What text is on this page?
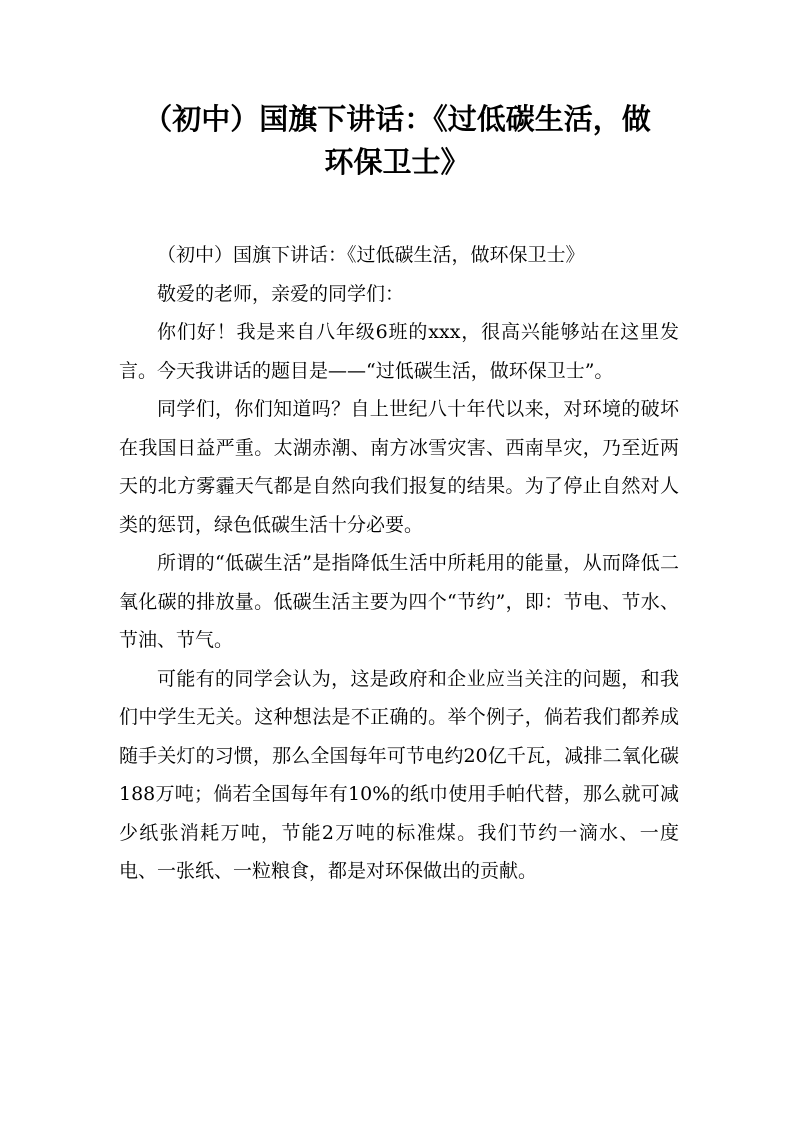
（初中）国旗下讲话：《过低碳生活，做
环保卫士》

（初中）国旗下讲话：《过低碳生活，做环保卫士》

敬爱的老师，亲爱的同学们：

你们好！我是来自八年级6班的xxx，很高兴能够站在这里发言。今天我讲话的题目是——“过低碳生活，做环保卫士”。

同学们，你们知道吗？自上世纪八十年代以来，对环境的破坏在我国日益严重。太湖赤潮、南方冰雪灾害、西南旱灾，乃至近两天的北方雾霾天气都是自然向我们报复的结果。为了停止自然对人类的惩罚，绿色低碳生活十分必要。

所谓的“低碳生活”是指降低生活中所耗用的能量，从而降低二氧化碳的排放量。低碳生活主要为四个“节约”，即：节电、节水、节油、节气。

可能有的同学会认为，这是政府和企业应当关注的问题，和我们中学生无关。这种想法是不正确的。举个例子，倘若我们都养成随手关灯的习惯，那么全国每年可节电约20亿千瓦，减排二氧化碳188万吨；倘若全国每年有10%的纸巾使用手帕代替，那么就可减少纸张消耗万吨，节能2万吨的标准煤。我们节约一滴水、一度电、一张纸、一粒粮食，都是对环保做出的贡献。
